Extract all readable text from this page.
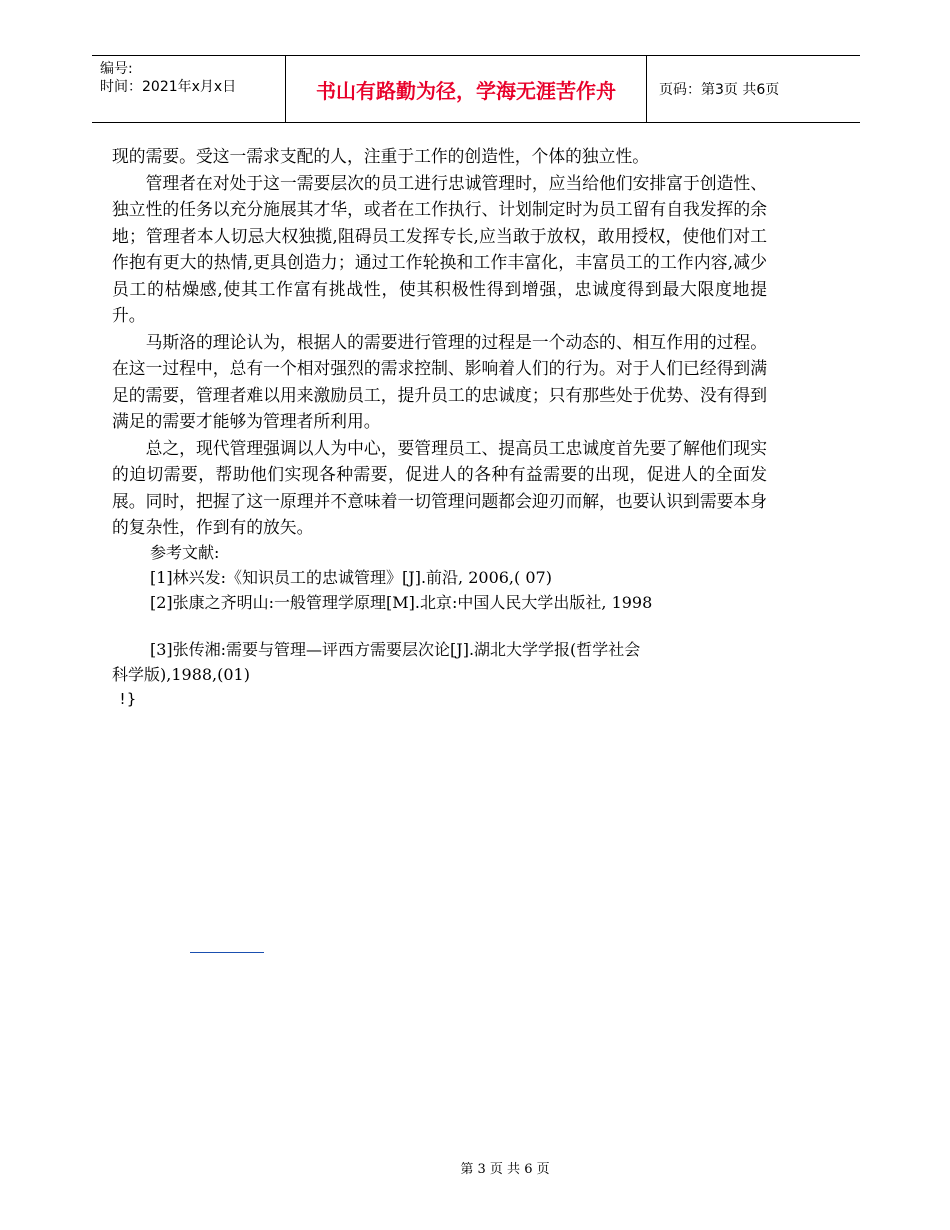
编号:
时间：2021年x月x日	书山有路勤为径，学海无涯苦作舟	页码：第3页 共6页

现的需要。受这一需求支配的人，注重于工作的创造性，个体的独立性。

管理者在对处于这一需要层次的员工进行忠诚管理时，应当给他们安排富于创造性、独立性的任务以充分施展其才华，或者在工作执行、计划制定时为员工留有自我发挥的余地；管理者本人切忌大权独揽,阻碍员工发挥专长,应当敢于放权，敢用授权，使他们对工作抱有更大的热情,更具创造力；通过工作轮换和工作丰富化，丰富员工的工作内容,减少员工的枯燥感,使其工作富有挑战性，使其积极性得到增强，忠诚度得到最大限度地提升。

马斯洛的理论认为，根据人的需要进行管理的过程是一个动态的、相互作用的过程。在这一过程中，总有一个相对强烈的需求控制、影响着人们的行为。对于人们已经得到满足的需要，管理者难以用来激励员工，提升员工的忠诚度；只有那些处于优势、没有得到满足的需要才能够为管理者所利用。

总之，现代管理强调以人为中心，要管理员工、提高员工忠诚度首先要了解他们现实的迫切需要，帮助他们实现各种需要，促进人的各种有益需要的出现，促进人的全面发展。同时，把握了这一原理并不意味着一切管理问题都会迎刃而解，也要认识到需要本身的复杂性，作到有的放矢。

参考文献:
[1]林兴发:《知识员工的忠诚管理》[J].前沿, 2006,( 07)
[2]张康之齐明山:一般管理学原理[M].北京:中国人民大学出版社, 1998
[3]张传湘:需要与管理—评西方需要层次论[J].湖北大学学报(哲学社会
科学版),1988,(01)
!}
第 3 页 共 6 页
